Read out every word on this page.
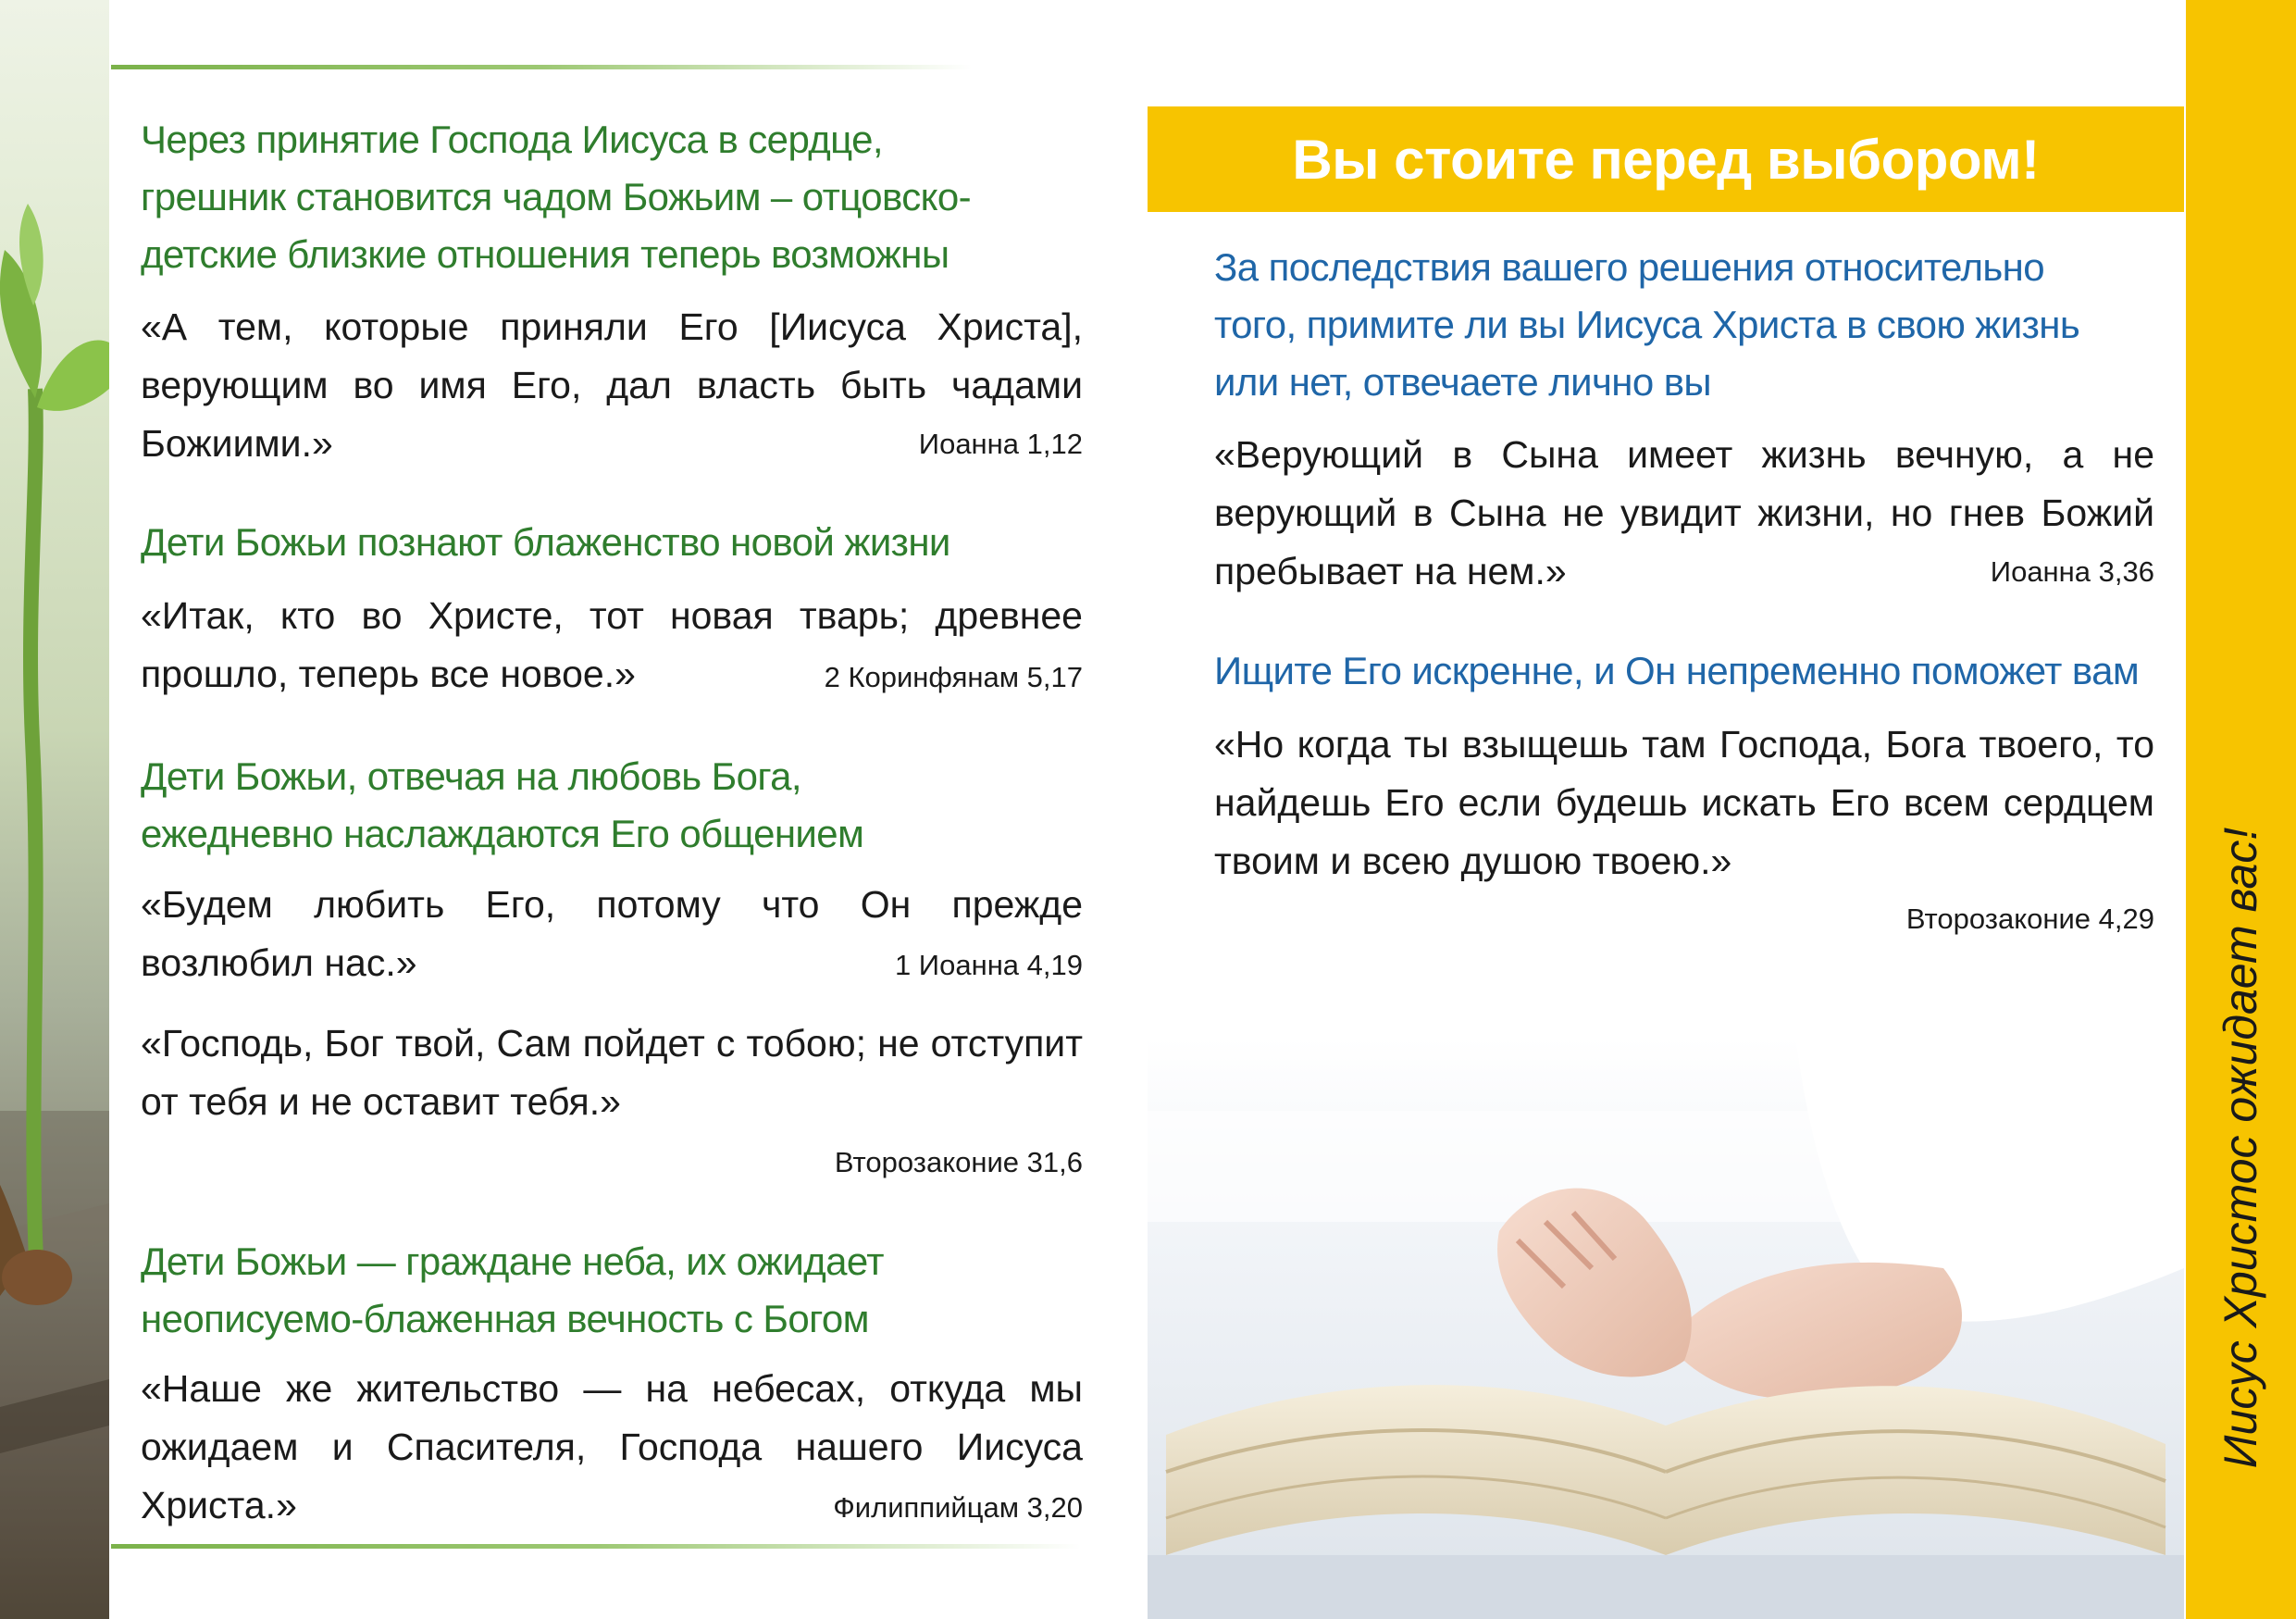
Через принятие Господа Иисуса в сердце,
грешник становится чадом Божьим – отцовско-
детские близкие отношения теперь возможны
«А тем, которые приняли Его [Иисуса Христа], верующим во имя Его, дал власть быть чадами Божиими.»	Иоанна 1,12
Дети Божьи познают блаженство новой жизни
«Итак, кто во Христе, тот новая тварь; древнее прошло, теперь все новое.»	2 Коринфянам 5,17
Дети Божьи, отвечая на любовь Бога,
ежедневно наслаждаются Его общением
«Будем любить Его, потому что Он прежде возлюбил нас.»	1 Иоанна 4,19
«Господь, Бог твой, Сам пойдет с тобою; не отступит от тебя и не оставит тебя.»
Второзаконие 31,6
Дети Божьи — граждане неба, их ожидает
неописуемо-блаженная вечность с Богом
«Наше же жительство — на небесах, откуда мы ожидаем и Спасителя, Господа нашего Иисуса Христа.»	Филиппийцам 3,20
Вы стоите перед выбором!
За последствия вашего решения относительно
того, примите ли вы Иисуса Христа в свою жизнь
или нет, отвечаете лично вы
«Верующий в Сына имеет жизнь вечную, а не верующий в Сына не увидит жизни, но гнев Божий пребывает на нем.»	Иоанна 3,36
Ищите Его искренне, и Он непременно поможет вам
«Но когда ты взыщешь там Господа, Бога твоего, то найдешь Его если будешь искать Его всем сердцем твоим и всею душою твоею.»
Второзаконие 4,29 Иисус Христос ожидает вас!
